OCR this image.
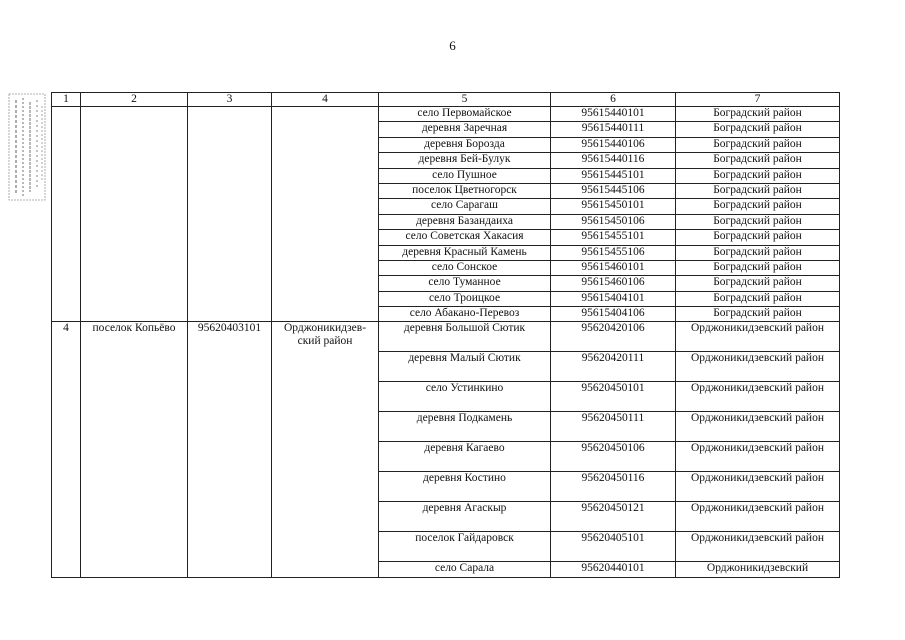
6
1	2	3	4	5	6	7
				село Первомайское	95615440101	Боградский район
				деревня Заречная	95615440111	Боградский район
				деревня Борозда	95615440106	Боградский район
				деревня Бей-Булук	95615440116	Боградский район
				село Пушное	95615445101	Боградский район
				поселок Цветногорск	95615445106	Боградский район
				село Сарагаш	95615450101	Боградский район
				деревня Базандаиха	95615450106	Боградский район
				село Советская Хакасия	95615455101	Боградский район
				деревня Красный Камень	95615455106	Боградский район
				село Сонское	95615460101	Боградский район
				село Туманное	95615460106	Боградский район
				село Троицкое	95615404101	Боградский район
				село Абакано-Перевоз	95615404106	Боградский район
4	поселок Копьёво	95620403101	Орджоникидзев-ский район	деревня Большой Сютик	95620420106	Орджоникидзевский район
				деревня Малый Сютик	95620420111	Орджоникидзевский район
				село Устинкино	95620450101	Орджоникидзевский район
				деревня Подкамень	95620450111	Орджоникидзевский район
				деревня Кагаево	95620450106	Орджоникидзевский район
				деревня Костино	95620450116	Орджоникидзевский район
				деревня Агаскыр	95620450121	Орджоникидзевский район
				поселок Гайдаровск	95620405101	Орджоникидзевский район
				село Сарала	95620440101	Орджоникидзевский
